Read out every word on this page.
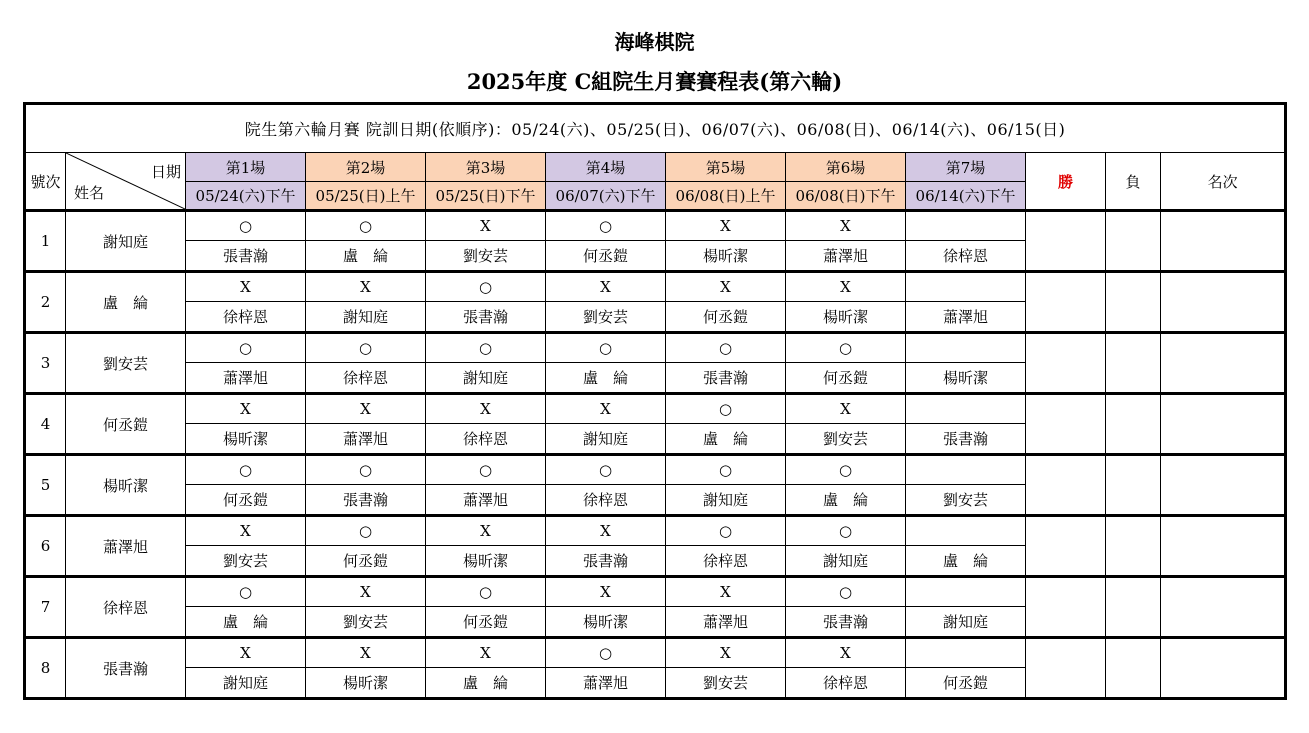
海峰棋院
2025年度 C組院生月賽賽程表(第六輪)
院生第六輪月賽 院訓日期(依順序)：05/24(六)、05/25(日)、06/07(六)、06/08(日)、06/14(六)、06/15(日)											
號次	日期
姓名	第1場	第2場	第3場	第4場	第5場	第6場	第7場	勝	負	名次
		05/24(六)下午	05/25(日)上午	05/25(日)下午	06/07(六)下午	06/08(日)上午	06/08(日)下午	06/14(六)下午			
1	謝知庭	○	○	X	○	X	X				
		張書瀚	盧　綸	劉安芸	何丞鎧	楊昕潔	蕭澤旭	徐梓恩			
2	盧　綸	X	X	○	X	X	X				
		徐梓恩	謝知庭	張書瀚	劉安芸	何丞鎧	楊昕潔	蕭澤旭			
3	劉安芸	○	○	○	○	○	○				
		蕭澤旭	徐梓恩	謝知庭	盧　綸	張書瀚	何丞鎧	楊昕潔			
4	何丞鎧	X	X	X	X	○	X				
		楊昕潔	蕭澤旭	徐梓恩	謝知庭	盧　綸	劉安芸	張書瀚			
5	楊昕潔	○	○	○	○	○	○				
		何丞鎧	張書瀚	蕭澤旭	徐梓恩	謝知庭	盧　綸	劉安芸			
6	蕭澤旭	X	○	X	X	○	○				
		劉安芸	何丞鎧	楊昕潔	張書瀚	徐梓恩	謝知庭	盧　綸			
7	徐梓恩	○	X	○	X	X	○				
		盧　綸	劉安芸	何丞鎧	楊昕潔	蕭澤旭	張書瀚	謝知庭			
8	張書瀚	X	X	X	○	X	X				
		謝知庭	楊昕潔	盧　綸	蕭澤旭	劉安芸	徐梓恩	何丞鎧			
